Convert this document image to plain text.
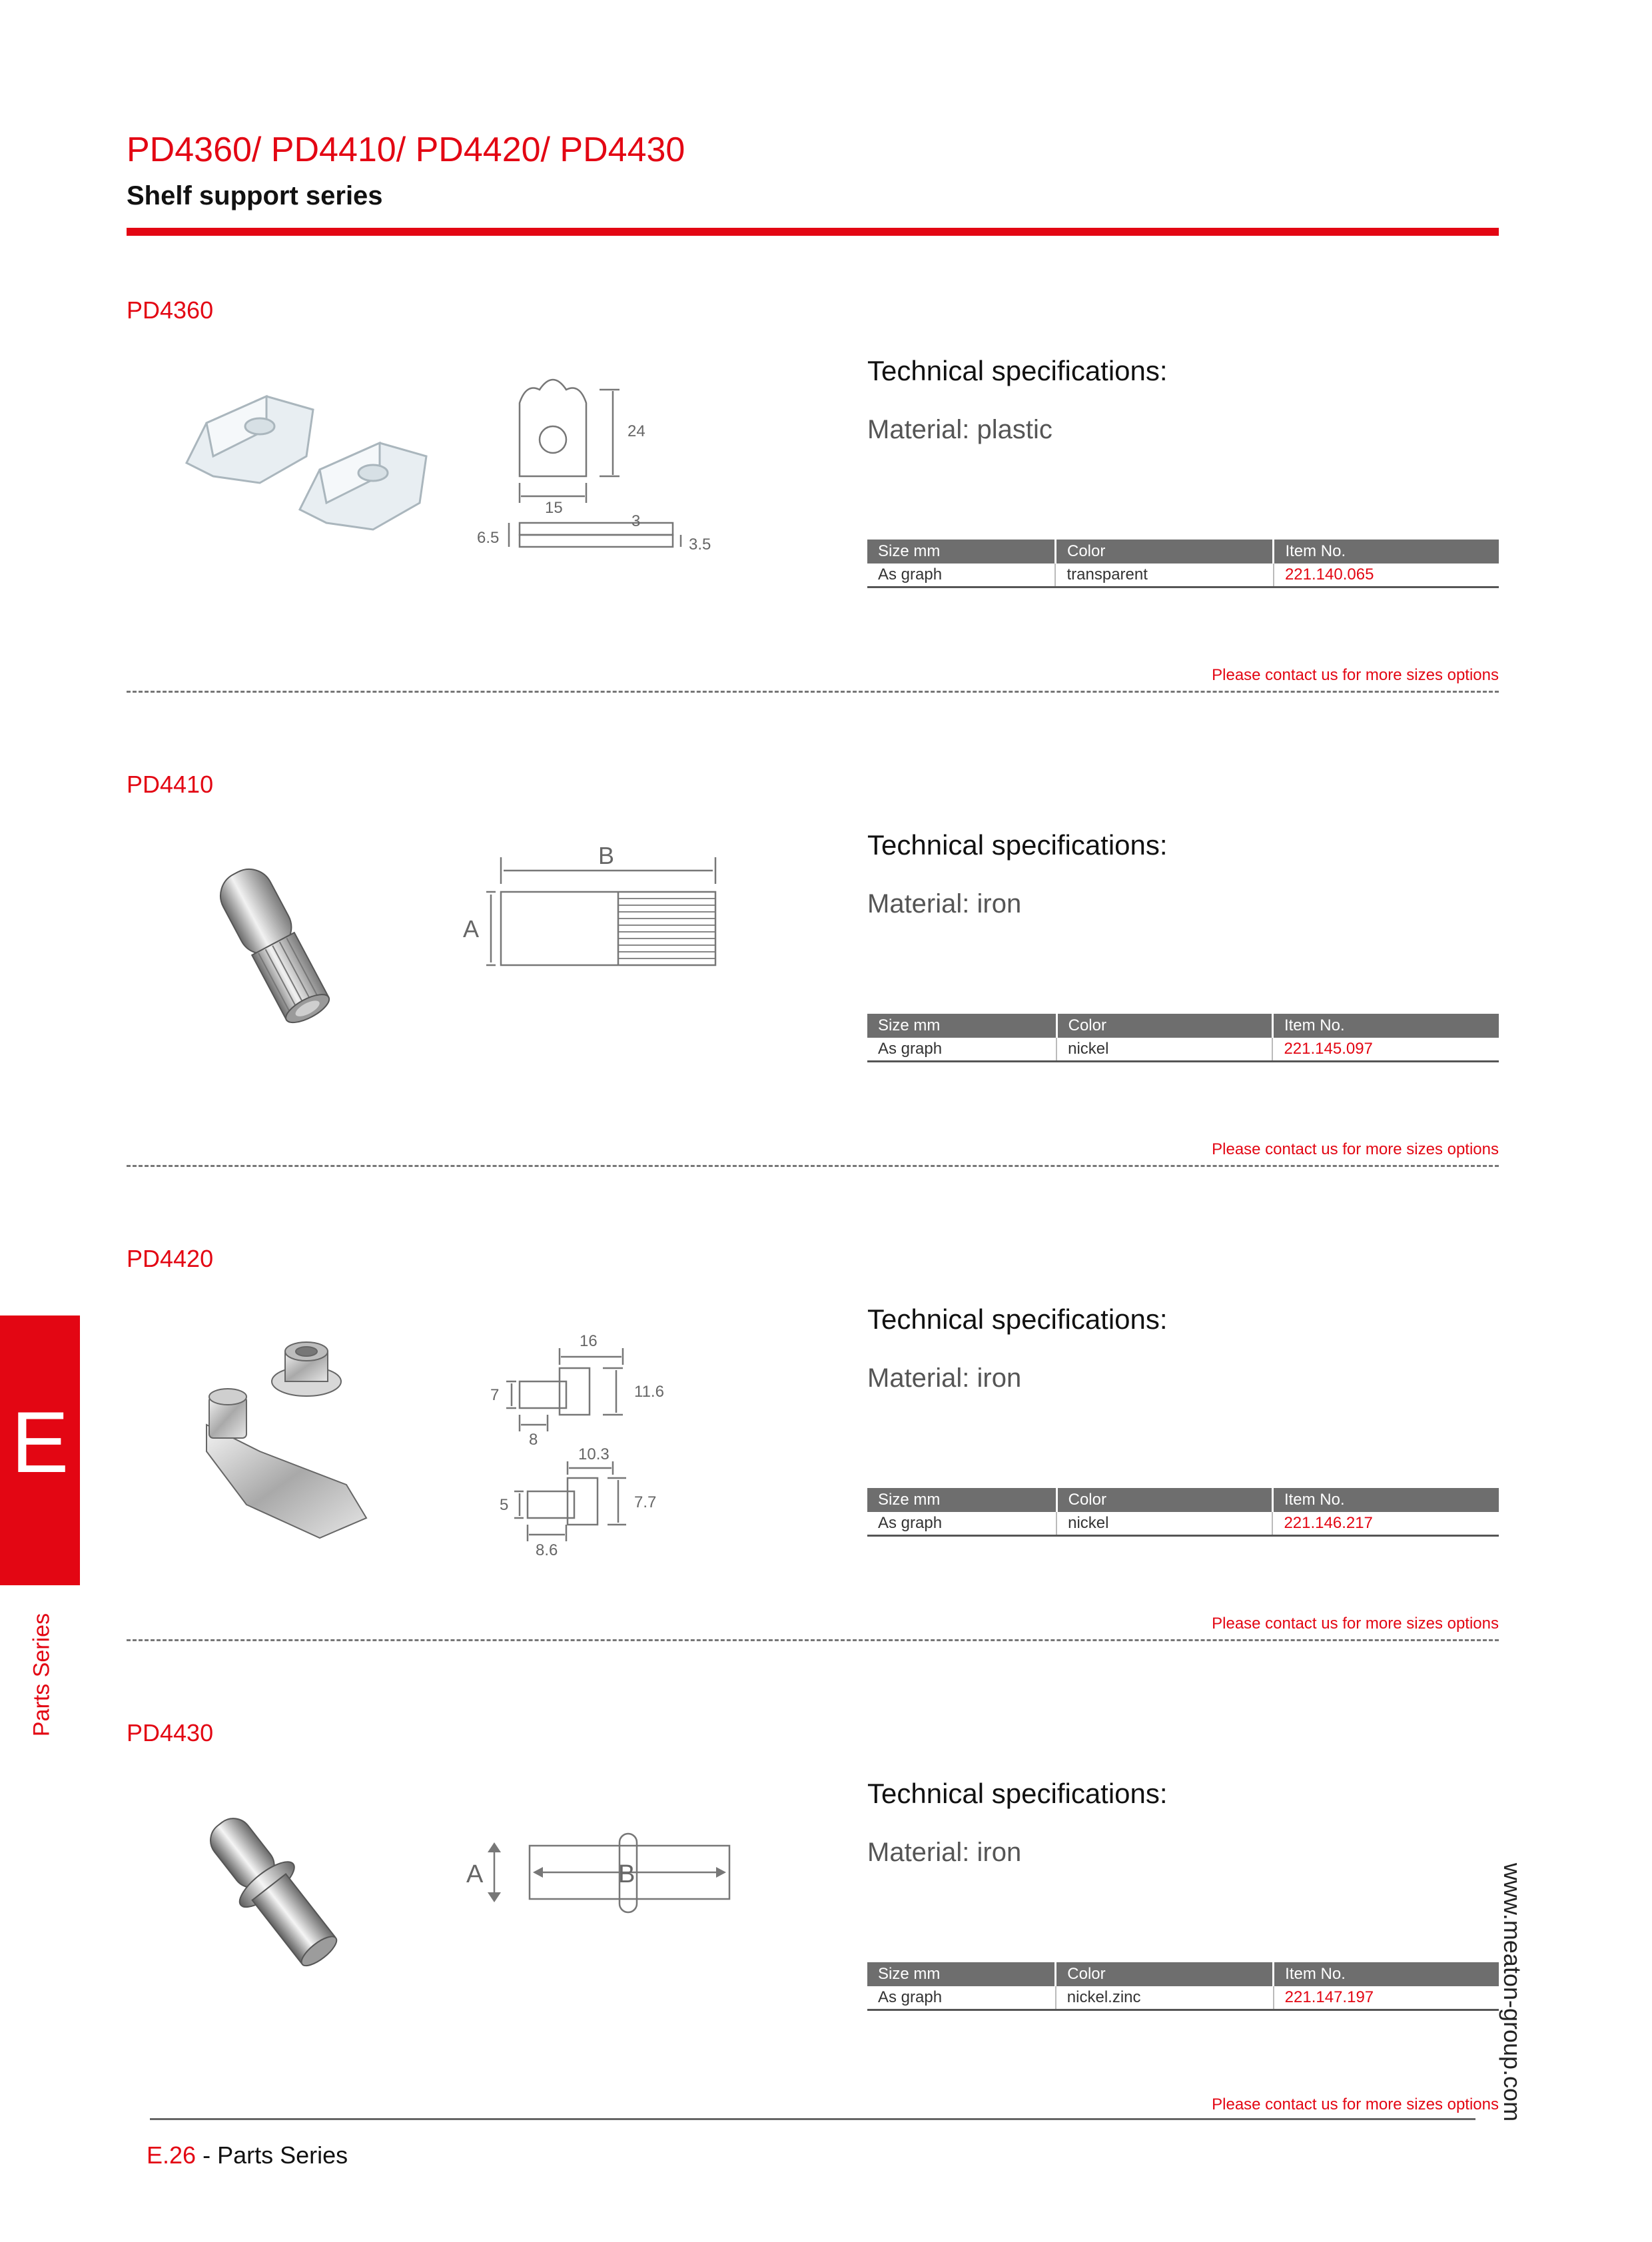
PD4360/ PD4410/ PD4420/ PD4430
Shelf support series
PD4360
24
15
3
6.5	3.5
Technical specifications:
Material: plastic
Size mm	Color	Item No.
As graph	transparent	221.140.065
Please contact us for more sizes options
PD4410
B
A
Technical specifications:
Material: iron
Size mm	Color	Item No.
As graph	nickel	221.145.097
Please contact us for more sizes options
PD4420
16
7	11.6
8
10.3
5	7.7
8.6
Technical specifications:
Material: iron
Size mm	Color	Item No.
As graph	nickel	221.146.217
Please contact us for more sizes options
PD4430
A	B
Technical specifications:
Material: iron
Size mm	Color	Item No.
As graph	nickel.zinc	221.147.197
Please contact us for more sizes options
E
Parts Series
www.meaton-group.com
E.26 - Parts Series
